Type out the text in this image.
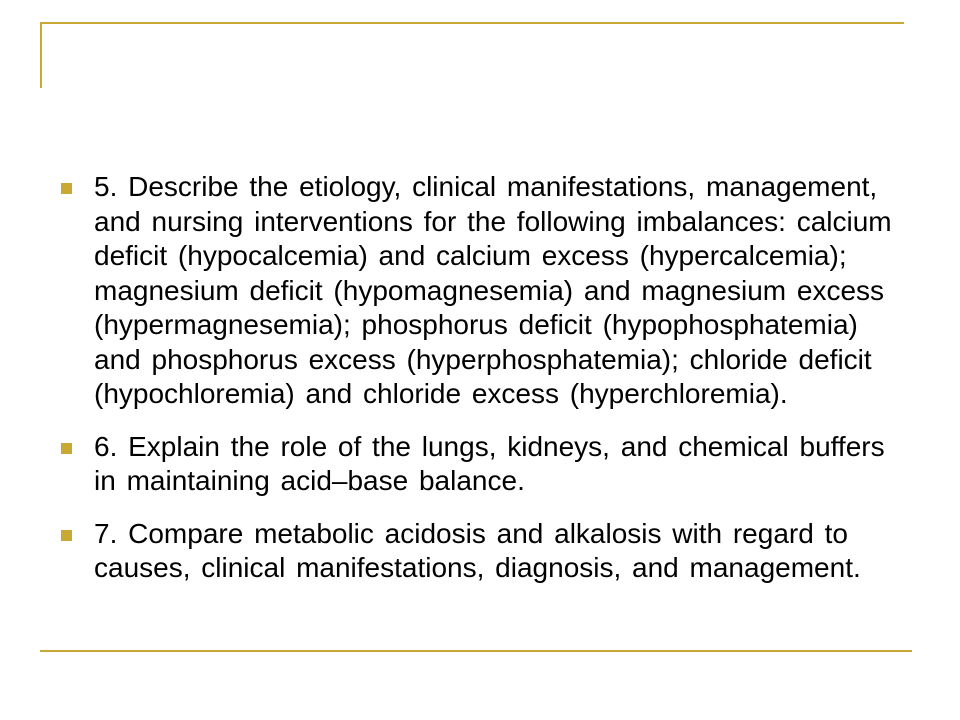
5. Describe the etiology, clinical manifestations, management, and nursing interventions for the following imbalances: calcium deficit (hypocalcemia) and calcium excess (hypercalcemia); magnesium deficit (hypomagnesemia) and magnesium excess (hypermagnesemia); phosphorus deficit (hypophosphatemia) and phosphorus excess (hyperphosphatemia); chloride deficit (hypochloremia) and chloride excess (hyperchloremia).
6. Explain the role of the lungs, kidneys, and chemical buffers in maintaining acid–base balance.
7. Compare metabolic acidosis and alkalosis with regard to causes, clinical manifestations, diagnosis, and management.
